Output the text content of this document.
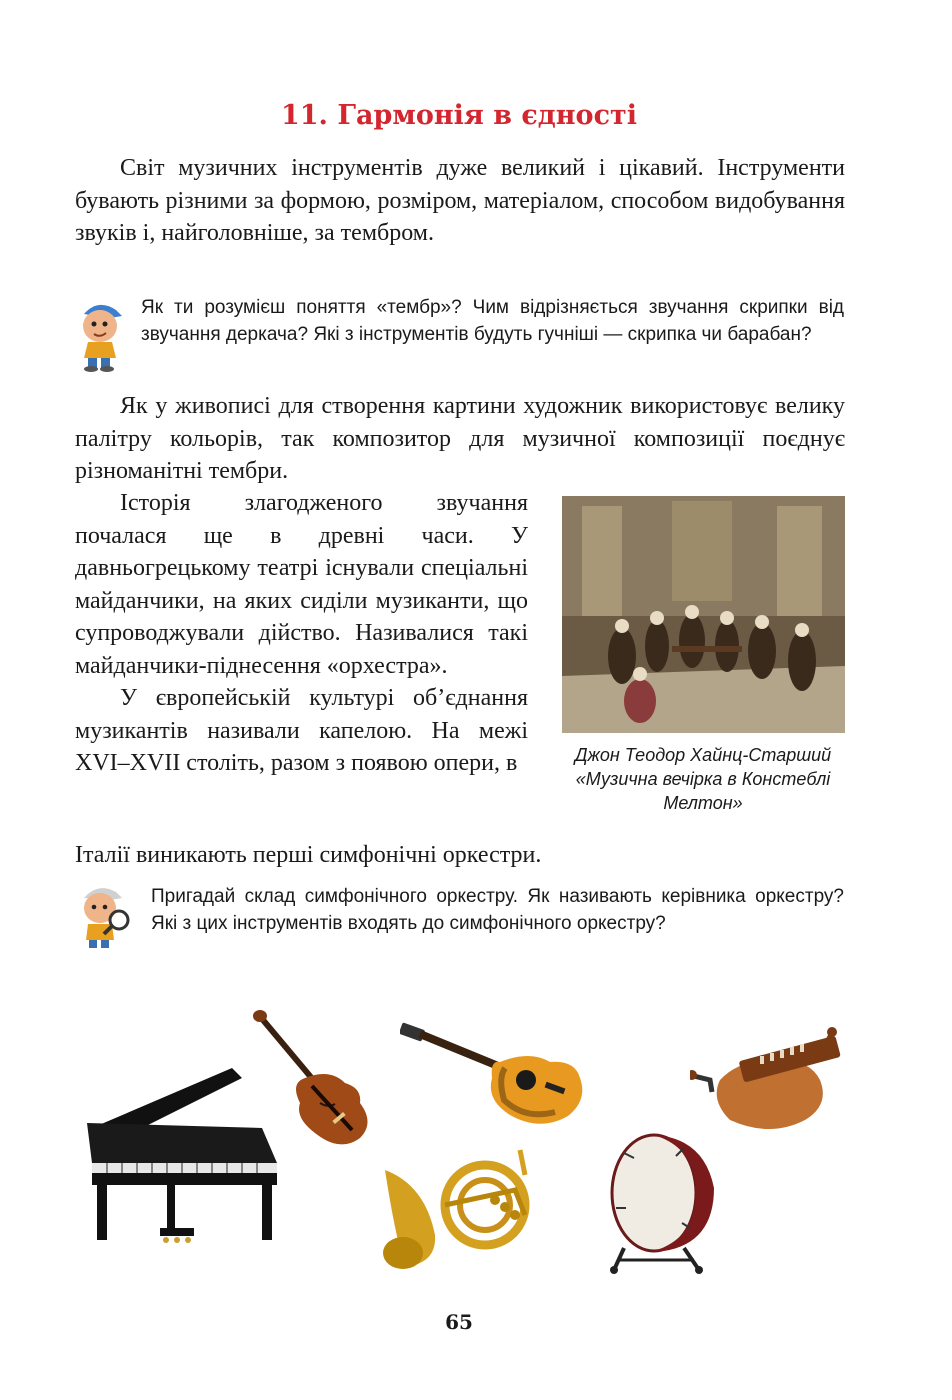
11. Гармонія в єдності

Світ музичних інструментів дуже великий і цікавий. Інструменти бувають різними за формою, розміром, матеріалом, способом видобування звуків і, найголовніше, за тембром.

Як ти розумієш поняття «тембр»? Чим відрізняється звучання скрипки від звучання деркача? Які з інструментів будуть гучніші — скрипка чи барабан?

Як у живописі для створення картини художник використовує велику палітру кольорів, так композитор для музичної композиції поєднує різноманітні тембри.

Історія злагодженого звучання почалася ще в древні часи. У давньогрецькому театрі існували спеціальні майданчики, на яких сиділи музиканти, що супроводжували дійство. Називалися такі майданчики-піднесення «орхестра».

У європейській культурі об’єднання музикантів називали капелою. На межі XVI–XVII століть, разом з появою опери, в

Італії виникають перші симфонічні оркестри.

Джон Теодор Хайнц-Старший «Музична вечірка в Констеблі Мелтон»
Пригадай склад симфонічного оркестру. Як називають керівника оркестру? Які з цих інструментів входять до симфонічного оркестру?
65
